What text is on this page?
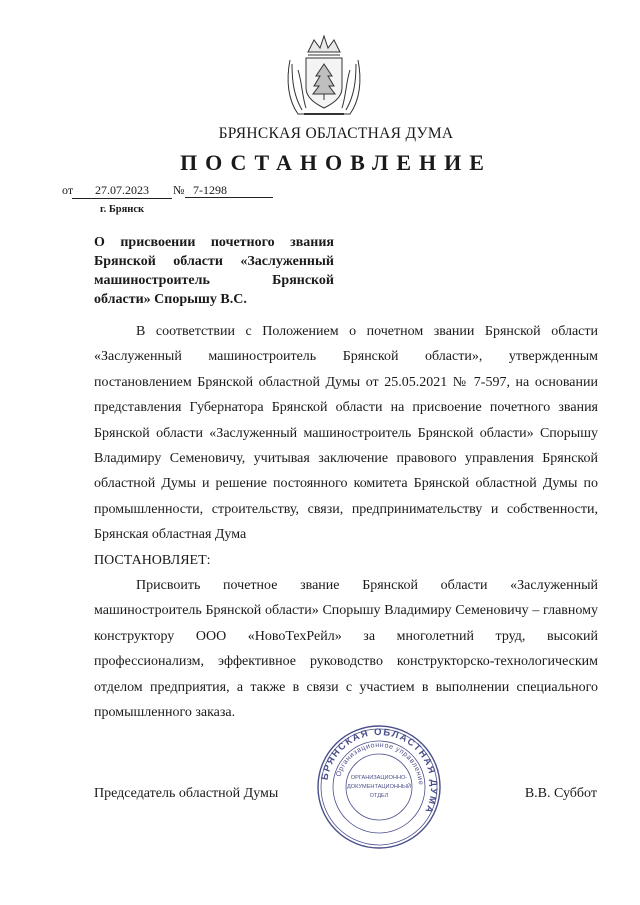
БРЯНСКАЯ ОБЛАСТНАЯ ДУМА
ПОСТАНОВЛЕНИЕ
от	27.07.2023	№ 7-1298
г. Брянск
О присвоении почетного звания Брянской области «Заслуженный машиностроитель Брянской области» Спорышу В.С.

В соответствии с Положением о почетном звании Брянской области «Заслуженный машиностроитель Брянской области», утвержденным постановлением Брянской областной Думы от 25.05.2021 № 7-597, на основании представления Губернатора Брянской области на присвоение почетного звания Брянской области «Заслуженный машиностроитель Брянской области» Спорышу Владимиру Семеновичу, учитывая заключение правового управления Брянской областной Думы и решение постоянного комитета Брянской областной Думы по промышленности, строительству, связи, предпринимательству и собственности, Брянская областная Дума

ПОСТАНОВЛЯЕТ:

Присвоить почетное звание Брянской области «Заслуженный машиностроитель Брянской области» Спорышу Владимиру Семеновичу – главному конструктору ООО «НовоТехРейл» за многолетний труд, высокий профессионализм, эффективное руководство конструкторско-технологическим отделом предприятия, а также в связи с участием в выполнении специального промышленного заказа.

Председатель областной Думы	В.В. Суббот
БРЯНСКАЯ ОБЛАСТНАЯ ДУМА
Организационное управление
ОРГАНИЗАЦИОННО-
ДОКУМЕНТАЦИОННЫЙ
ОТДЕЛ
